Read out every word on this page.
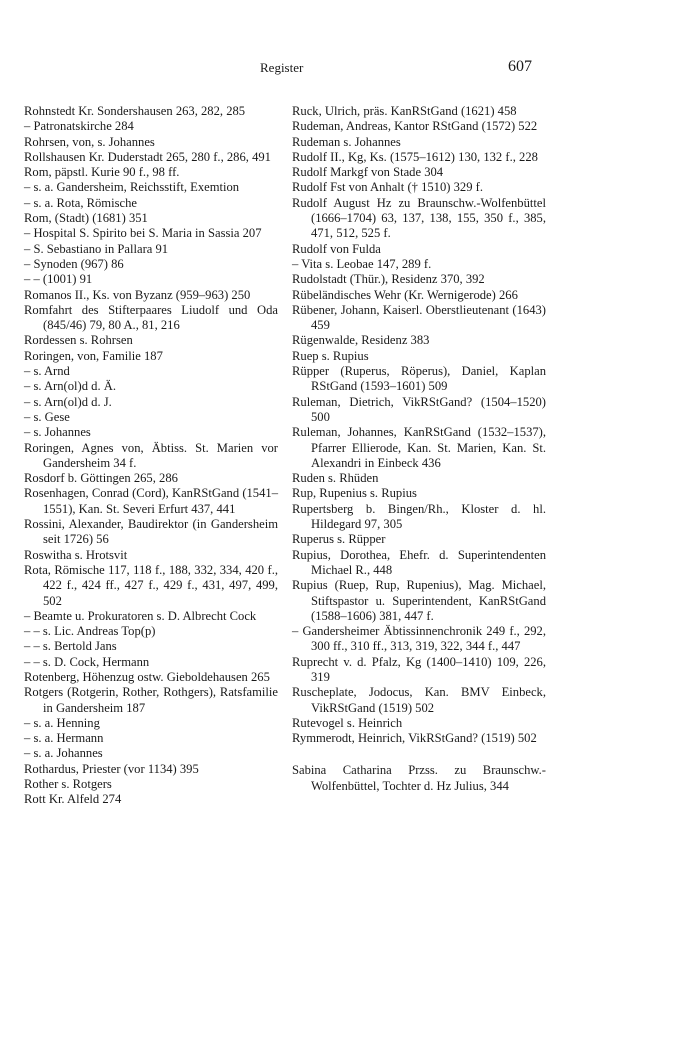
Register	607
Rohnstedt Kr. Sondershausen 263, 282, 285
– Patronatskirche 284
Rohrsen, von, s. Johannes
Rollshausen Kr. Duderstadt 265, 280 f., 286, 491
Rom, päpstl. Kurie 90 f., 98 ff.
– s. a. Gandersheim, Reichsstift, Exemtion
– s. a. Rota, Römische
Rom, (Stadt) (1681) 351
– Hospital S. Spirito bei S. Maria in Sassia 207
– S. Sebastiano in Pallara 91
– Synoden (967) 86
– – (1001) 91
Romanos II., Ks. von Byzanz (959–963) 250
Romfahrt des Stifterpaares Liudolf und Oda (845/46) 79, 80 A., 81, 216
Rordessen s. Rohrsen
Roringen, von, Familie 187
– s. Arnd
– s. Arn(ol)d d. Ä.
– s. Arn(ol)d d. J.
– s. Gese
– s. Johannes
Roringen, Agnes von, Äbtiss. St. Marien vor Gandersheim 34 f.
Rosdorf b. Göttingen 265, 286
Rosenhagen, Conrad (Cord), KanRStGand (1541–1551), Kan. St. Severi Erfurt 437, 441
Rossini, Alexander, Baudirektor (in Gandersheim seit 1726) 56
Roswitha s. Hrotsvit
Rota, Römische 117, 118 f., 188, 332, 334, 420 f., 422 f., 424 ff., 427 f., 429 f., 431, 497, 499, 502
– Beamte u. Prokuratoren s. D. Albrecht Cock
– – s. Lic. Andreas Top(p)
– – s. Bertold Jans
– – s. D. Cock, Hermann
Rotenberg, Höhenzug ostw. Gieboldehausen 265
Rotgers (Rotgerin, Rother, Rothgers), Ratsfamilie in Gandersheim 187
– s. a. Henning
– s. a. Hermann
– s. a. Johannes
Rothardus, Priester (vor 1134) 395
Rother s. Rotgers
Rott Kr. Alfeld 274
Ruck, Ulrich, präs. KanRStGand (1621) 458
Rudeman, Andreas, Kantor RStGand (1572) 522
Rudeman s. Johannes
Rudolf II., Kg, Ks. (1575–1612) 130, 132 f., 228
Rudolf Markgf von Stade 304
Rudolf Fst von Anhalt († 1510) 329 f.
Rudolf August Hz zu Braunschw.-Wolfenbüttel (1666–1704) 63, 137, 138, 155, 350 f., 385, 471, 512, 525 f.
Rudolf von Fulda
– Vita s. Leobae 147, 289 f.
Rudolstadt (Thür.), Residenz 370, 392
Rübeländisches Wehr (Kr. Wernigerode) 266
Rübener, Johann, Kaiserl. Oberstlieutenant (1643) 459
Rügenwalde, Residenz 383
Ruep s. Rupius
Rüpper (Ruperus, Röperus), Daniel, Kaplan RStGand (1593–1601) 509
Ruleman, Dietrich, VikRStGand? (1504–1520) 500
Ruleman, Johannes, KanRStGand (1532–1537), Pfarrer Ellierode, Kan. St. Marien, Kan. St. Alexandri in Einbeck 436
Ruden s. Rhüden
Rup, Rupenius s. Rupius
Rupertsberg b. Bingen/Rh., Kloster d. hl. Hildegard 97, 305
Ruperus s. Rüpper
Rupius, Dorothea, Ehefr. d. Superintendenten Michael R., 448
Rupius (Ruep, Rup, Rupenius), Mag. Michael, Stiftspastor u. Superintendent, KanRStGand (1588–1606) 381, 447 f.
– Gandersheimer Äbtissinnenchronik 249 f., 292, 300 ff., 310 ff., 313, 319, 322, 344 f., 447
Ruprecht v. d. Pfalz, Kg (1400–1410) 109, 226, 319
Ruscheplate, Jodocus, Kan. BMV Einbeck, VikRStGand (1519) 502
Rutevogel s. Heinrich
Rymmerodt, Heinrich, VikRStGand? (1519) 502
Sabina Catharina Przss. zu Braunschw.-Wolfenbüttel, Tochter d. Hz Julius, 344
